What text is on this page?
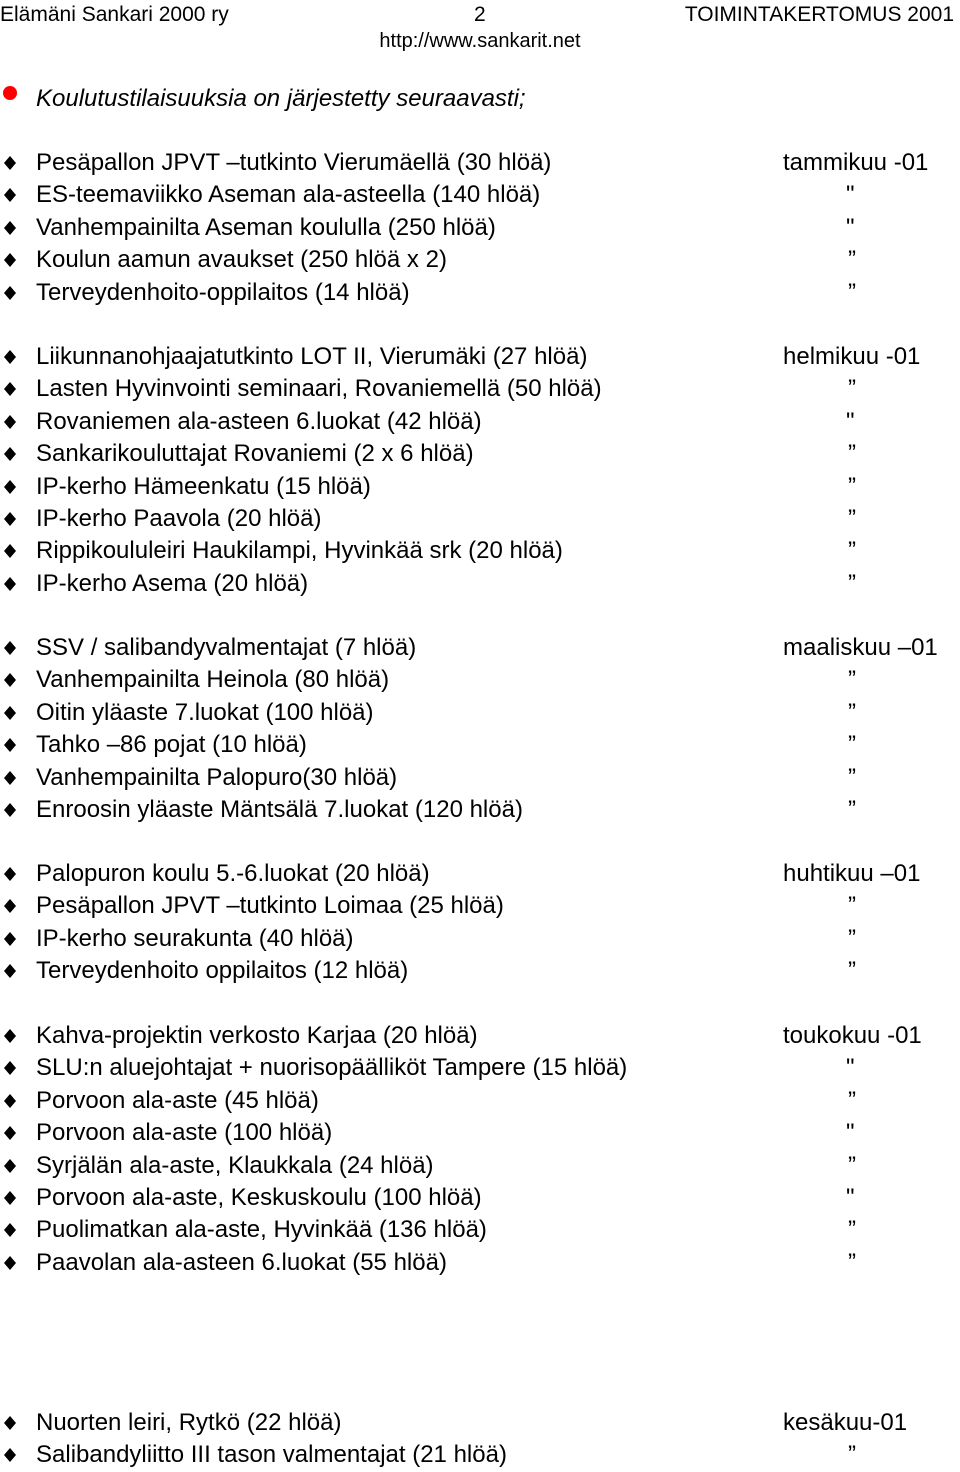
Elämäni Sankari 2000 ry	2	TOIMINTAKERTOMUS 2001
http://www.sankarit.net
Koulutustilaisuuksia on järjestetty seuraavasti;
Pesäpallon JPVT –tutkinto Vierumäellä (30 hlöä)	tammikuu -01
ES-teemaviikko Aseman ala-asteella (140 hlöä)	"
Vanhempainilta Aseman koululla (250 hlöä)	"
Koulun aamun avaukset (250 hlöä x 2)	”
Terveydenhoito-oppilaitos (14 hlöä)	”
Liikunnanohjaajatutkinto LOT II, Vierumäki (27 hlöä)	helmikuu -01
Lasten Hyvinvointi seminaari, Rovaniemellä (50 hlöä)	”
Rovaniemen ala-asteen 6.luokat (42 hlöä)	"
Sankarikouluttajat Rovaniemi (2 x 6 hlöä)	”
IP-kerho Hämeenkatu (15 hlöä)	”
IP-kerho Paavola (20 hlöä)	”
Rippikoululeiri Haukilampi, Hyvinkää srk (20 hlöä)	”
IP-kerho Asema (20 hlöä)	”
SSV / salibandyvalmentajat (7 hlöä)	maaliskuu –01
Vanhempainilta Heinola (80 hlöä)	”
Oitin yläaste 7.luokat (100 hlöä)	”
Tahko –86 pojat (10 hlöä)	”
Vanhempainilta Palopuro(30 hlöä)	”
Enroosin yläaste Mäntsälä 7.luokat (120 hlöä)	”
Palopuron koulu 5.-6.luokat (20 hlöä)	huhtikuu –01
Pesäpallon JPVT –tutkinto Loimaa (25 hlöä)	”
IP-kerho seurakunta (40 hlöä)	”
Terveydenhoito oppilaitos (12 hlöä)	”
Kahva-projektin verkosto Karjaa (20 hlöä)	toukokuu -01
SLU:n aluejohtajat + nuorisopäälliköt Tampere (15 hlöä)	"
Porvoon ala-aste (45 hlöä)	”
Porvoon ala-aste (100 hlöä)	"
Syrjälän ala-aste, Klaukkala (24 hlöä)	”
Porvoon ala-aste, Keskuskoulu (100 hlöä)	"
Puolimatkan ala-aste, Hyvinkää (136 hlöä)	”
Paavolan ala-asteen 6.luokat (55 hlöä)	”
Nuorten leiri, Rytkö (22 hlöä)	kesäkuu-01
Salibandyliitto III tason valmentajat (21 hlöä)	”
